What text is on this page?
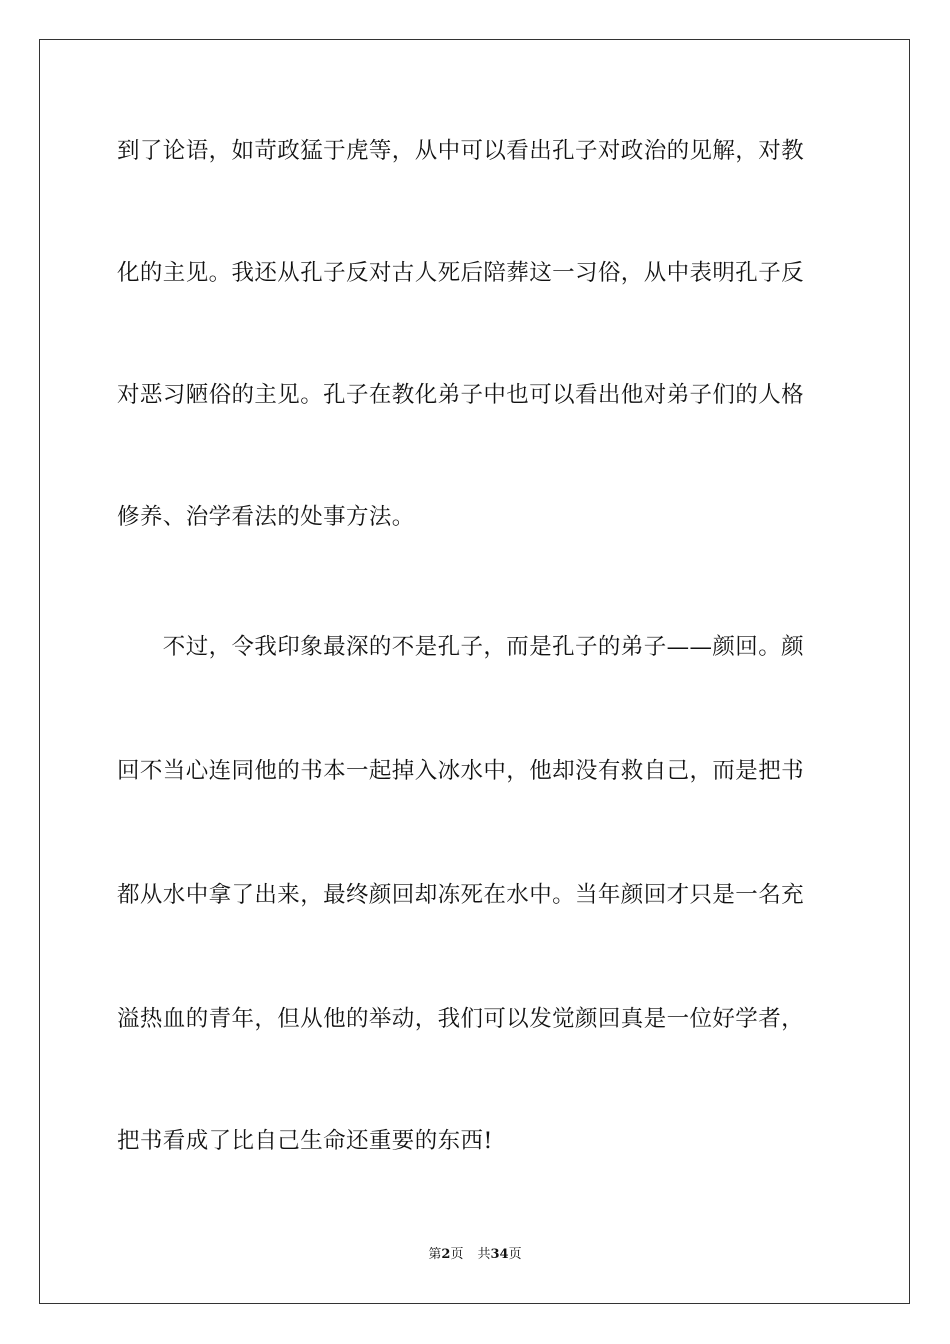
到了论语，如苛政猛于虎等，从中可以看出孔子对政治的见解，对教
化的主见。我还从孔子反对古人死后陪葬这一习俗，从中表明孔子反
对恶习陋俗的主见。孔子在教化弟子中也可以看出他对弟子们的人格
修养、治学看法的处事方法。
　　不过，令我印象最深的不是孔子，而是孔子的弟子——颜回。颜
回不当心连同他的书本一起掉入冰水中，他却没有救自己，而是把书
都从水中拿了出来，最终颜回却冻死在水中。当年颜回才只是一名充
溢热血的青年，但从他的举动，我们可以发觉颜回真是一位好学者，
把书看成了比自己生命还重要的东西!
第2页 共34页
